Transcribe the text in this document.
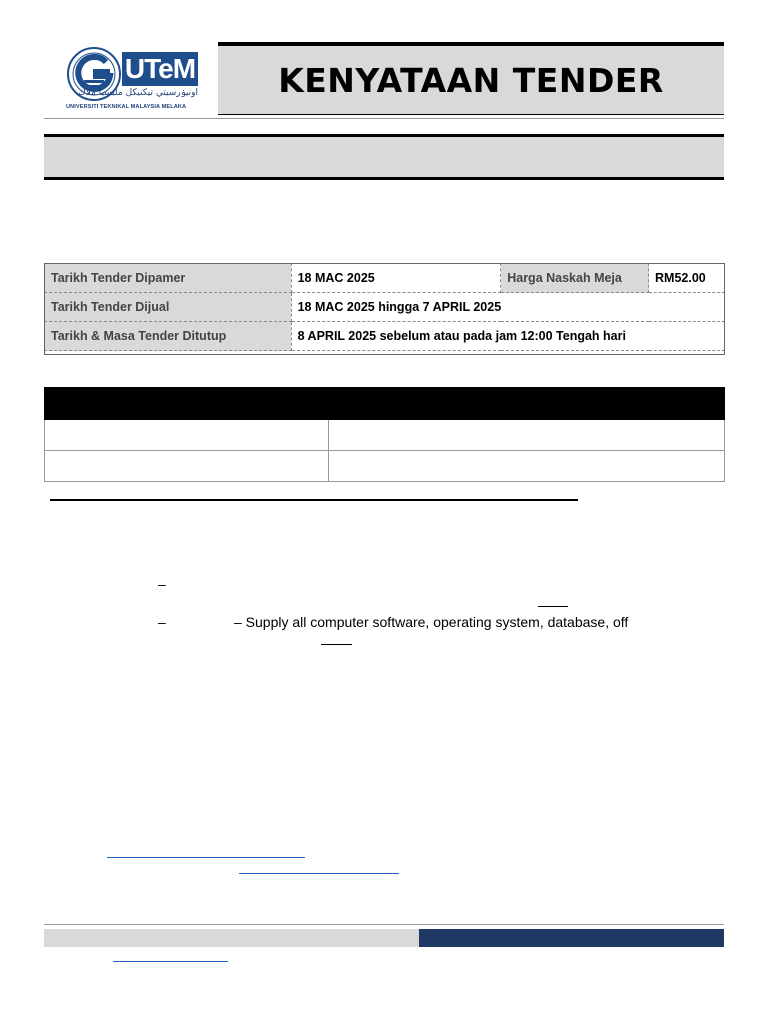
UTeM
اونيۏرسيتي تيكنيكل مليسيا ملاك
UNIVERSITI TEKNIKAL MALAYSIA MELAKA
KENYATAAN TENDER
Tarikh Tender Dipamer	18 MAC 2025	Harga Naskah Meja	RM52.00
Tarikh Tender Dijual	18 MAC 2025 hingga 7 APRIL 2025		
Tarikh & Masa Tender Ditutup	8 APRIL 2025 sebelum atau pada jam 12:00 Tengah hari		

–
–	– Supply all computer software, operating system, database, off
